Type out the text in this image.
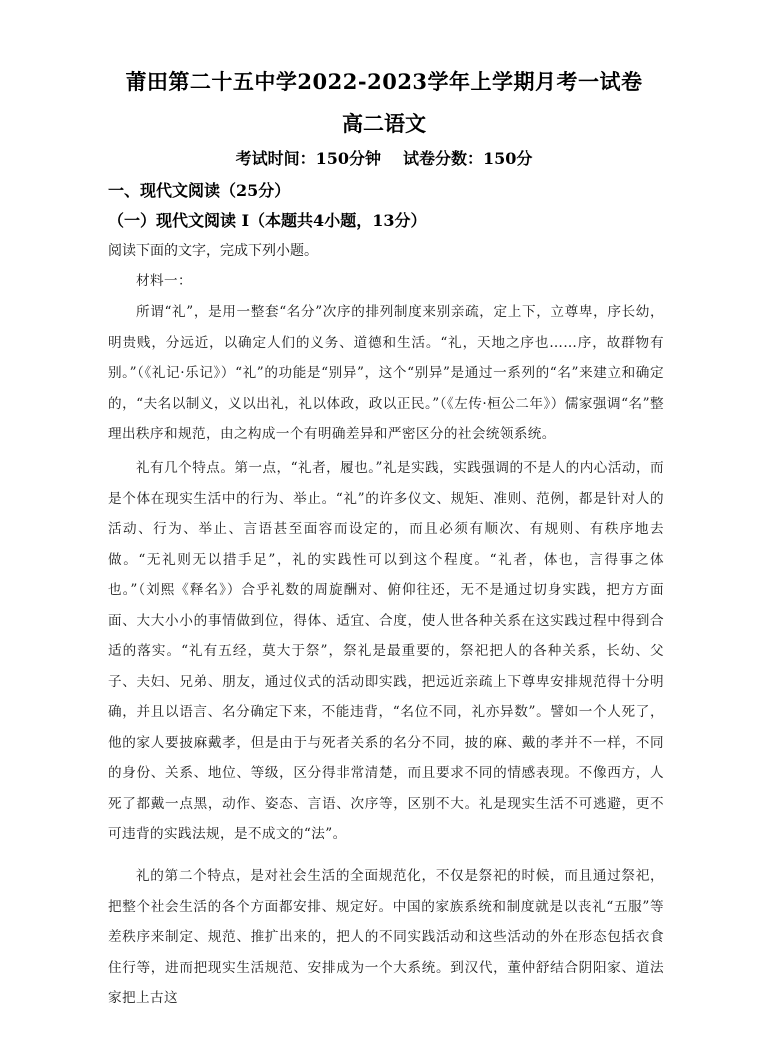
莆田第二十五中学2022-2023学年上学期月考一试卷
高二语文
考试时间：150分钟 试卷分数：150分
一、现代文阅读（25分）
（一）现代文阅读 I（本题共4小题，13分）
阅读下面的文字，完成下列小题。
材料一：
所谓“礼”，是用一整套“名分”次序的排列制度来别亲疏，定上下，立尊卑，序长幼，明贵贱，分远近，以确定人们的义务、道德和生活。“礼，天地之序也……序，故群物有别。”（《礼记·乐记》）“礼”的功能是“别异”，这个“别异”是通过一系列的“名”来建立和确定的，“夫名以制义，义以出礼，礼以体政，政以正民。”（《左传·桓公二年》）儒家强调“名”整理出秩序和规范，由之构成一个有明确差异和严密区分的社会统领系统。
礼有几个特点。第一点，“礼者，履也。”礼是实践，实践强调的不是人的内心活动，而是个体在现实生活中的行为、举止。“礼”的许多仪文、规矩、准则、范例，都是针对人的活动、行为、举止、言语甚至面容而设定的，而且必须有顺次、有规则、有秩序地去做。“无礼则无以措手足”，礼的实践性可以到这个程度。“礼者，体也，言得事之体也。”（刘熙《释名》）合乎礼数的周旋酬对、俯仰往还，无不是通过切身实践，把方方面面、大大小小的事情做到位，得体、适宜、合度，使人世各种关系在这实践过程中得到合适的落实。“礼有五经，莫大于祭”，祭礼是最重要的，祭祀把人的各种关系，长幼、父子、夫妇、兄弟、朋友，通过仪式的活动即实践，把远近亲疏上下尊卑安排规范得十分明确，并且以语言、名分确定下来，不能违背，“名位不同，礼亦异数”。譬如一个人死了，他的家人要披麻戴孝，但是由于与死者关系的名分不同，披的麻、戴的孝并不一样，不同的身份、关系、地位、等级，区分得非常清楚，而且要求不同的情感表现。不像西方，人死了都戴一点黑，动作、姿态、言语、次序等，区别不大。礼是现实生活不可逃避，更不可违背的实践法规，是不成文的“法”。
礼的第二个特点，是对社会生活的全面规范化，不仅是祭祀的时候，而且通过祭祀，把整个社会生活的各个方面都安排、规定好。中国的家族系统和制度就是以丧礼“五服”等差秩序来制定、规范、推扩出来的，把人的不同实践活动和这些活动的外在形态包括衣食住行等，进而把现实生活规范、安排成为一个大系统。到汉代，董仲舒结合阴阳家、道法家把上古这
